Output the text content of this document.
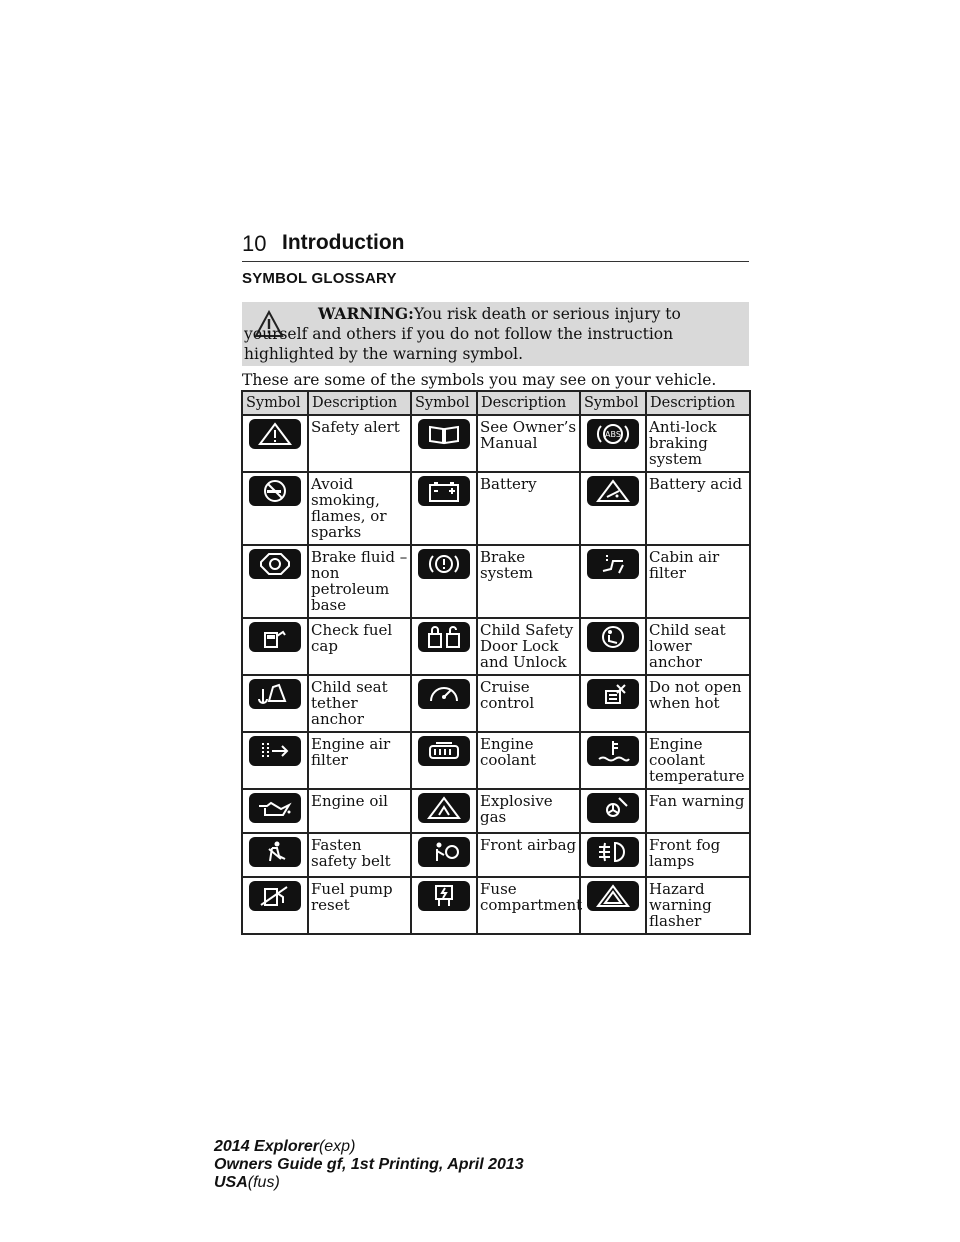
10 Introduction
SYMBOL GLOSSARY
WARNING:You risk death or serious injury to yourself and others if you do not follow the instruction highlighted by the warning symbol.
These are some of the symbols you may see on your vehicle.
Symbol	Description	Symbol	Description	Symbol	Description

	Safety alert		See Owner’s Manual	ABS	Anti-lock braking system

	Avoid smoking, flames, or sparks		Battery		Battery acid

	Brake fluid – non petroleum base		Brake system		Cabin air filter

	Check fuel cap		Child Safety Door Lock and Unlock		Child seat lower anchor

	Child seat tether anchor		Cruise control		Do not open when hot

	Engine air filter		Engine coolant		Engine coolant temperature

	Engine oil		Explosive gas		Fan warning

	Fasten safety belt		Front airbag		Front fog lamps

	Fuel pump reset		Fuse compartment		Hazard warning flasher
2014 Explorer(exp)
Owners Guide gf, 1st Printing, April 2013
USA(fus)
